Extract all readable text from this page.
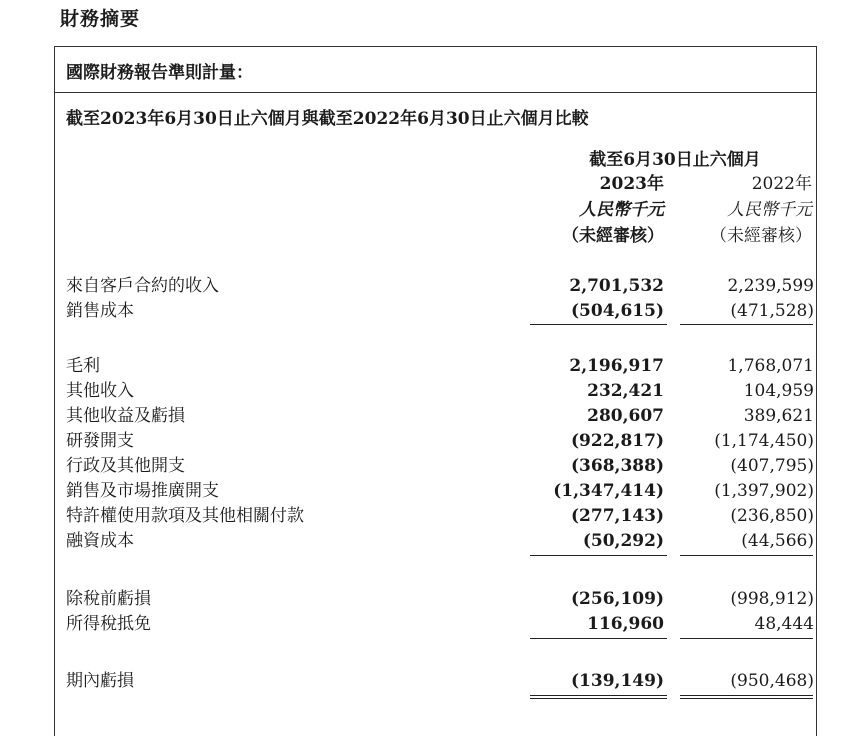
財務摘要
國際財務報告準則計量：
截至2023年6月30日止六個月與截至2022年6月30日止六個月比較
截至6月30日止六個月
2023年
人民幣千元
（未經審核）
2022年
人民幣千元
（未經審核）
來自客戶合約的收入	2,701,532	2,239,599
銷售成本	(504,615)	(471,528)
毛利	2,196,917	1,768,071
其他收入	232,421	104,959
其他收益及虧損	280,607	389,621
研發開支	(922,817)	(1,174,450)
行政及其他開支	(368,388)	(407,795)
銷售及市場推廣開支	(1,347,414)	(1,397,902)
特許權使用款項及其他相關付款	(277,143)	(236,850)
融資成本	(50,292)	(44,566)
除稅前虧損	(256,109)	(998,912)
所得稅抵免	116,960	48,444
期內虧損	(139,149)	(950,468)
